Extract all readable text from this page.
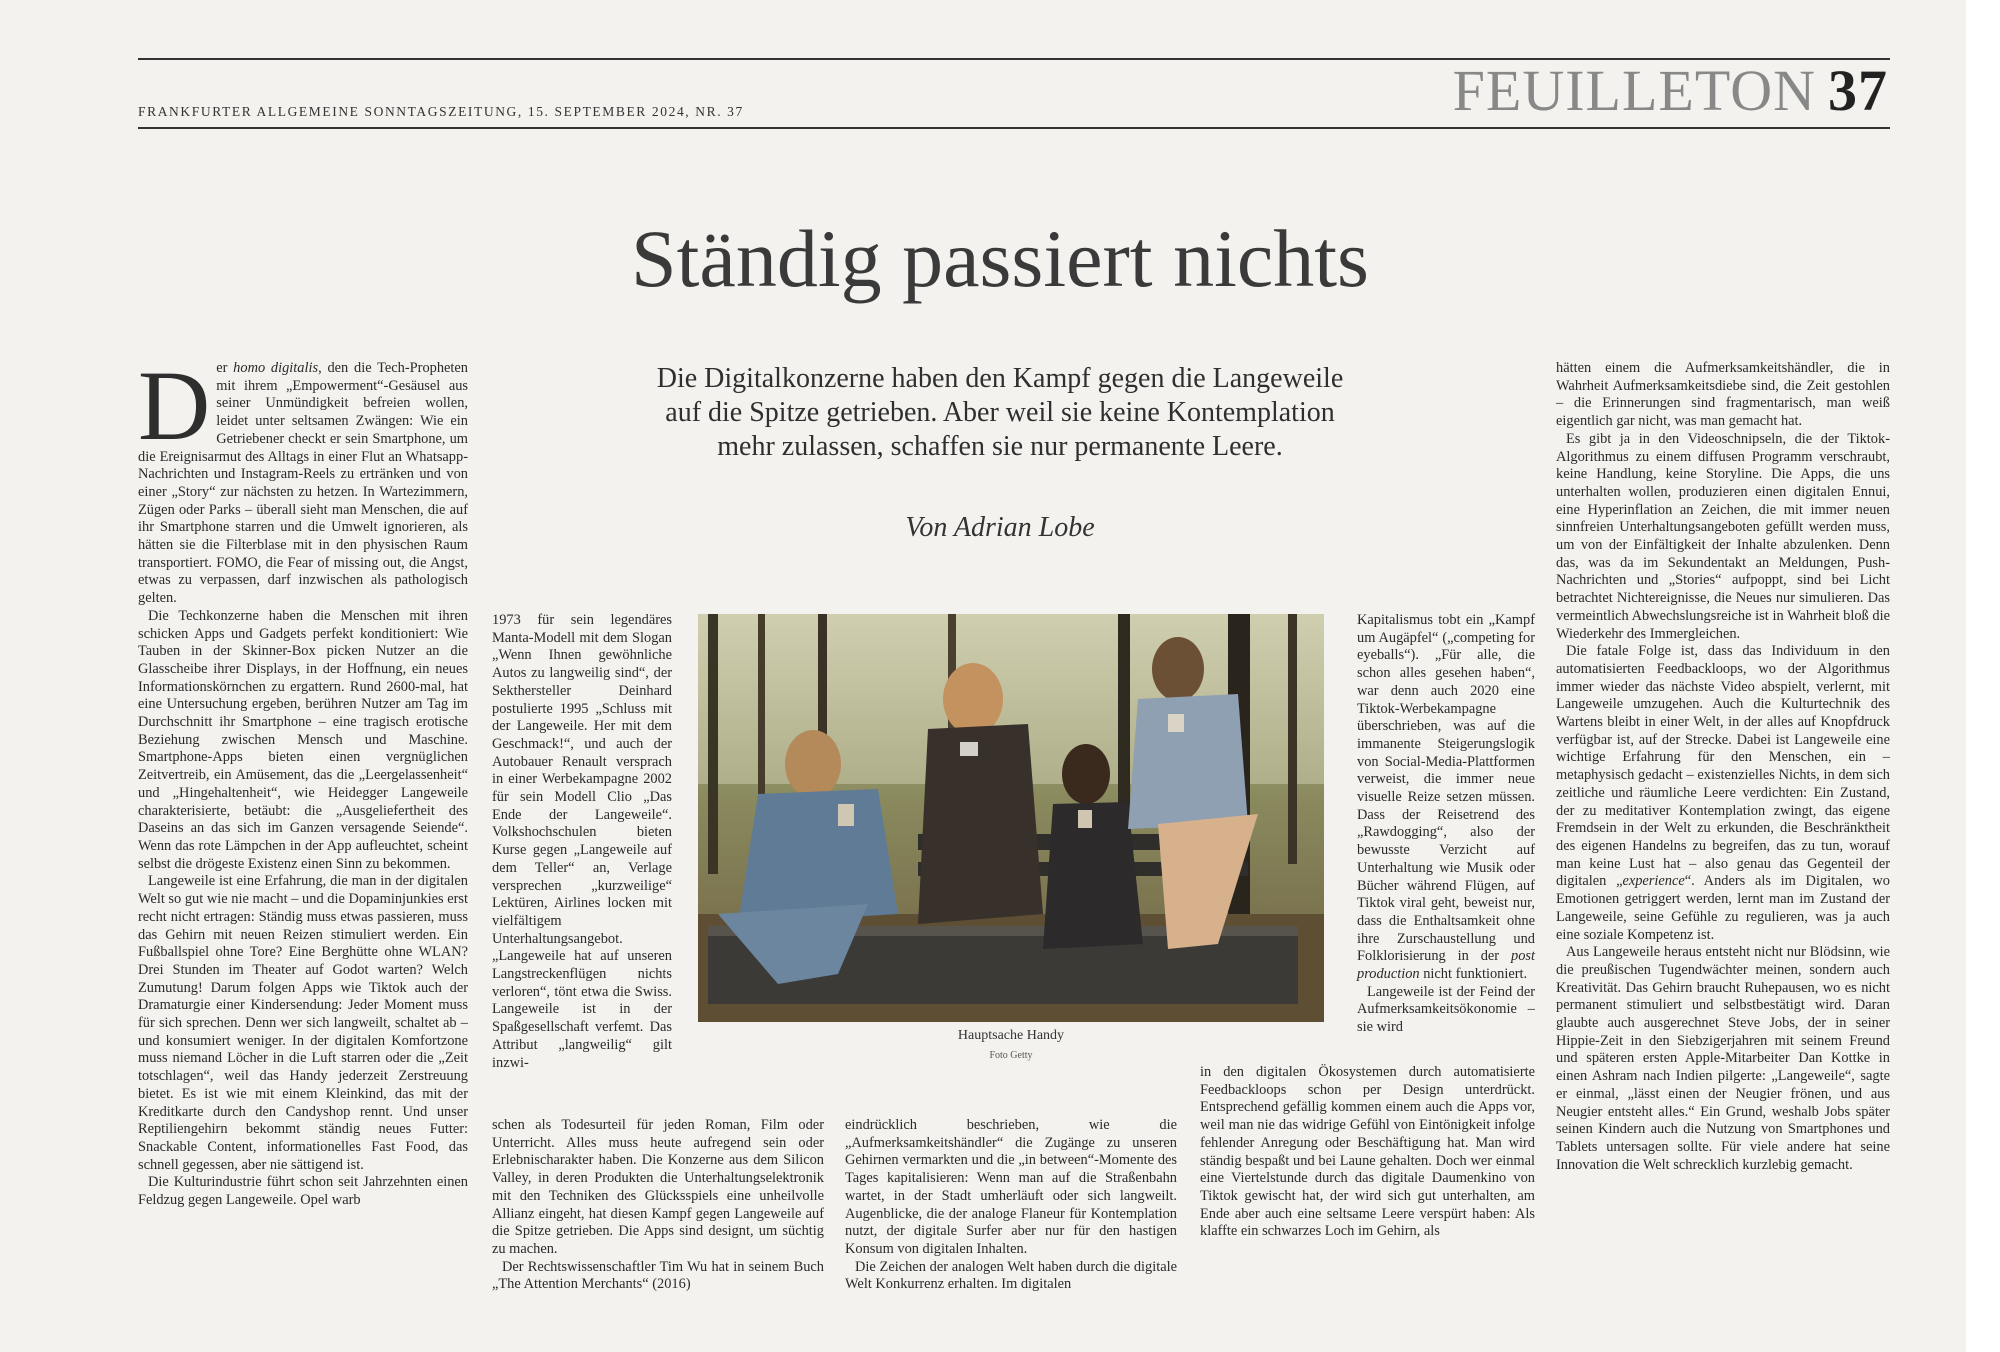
FRANKFURTER ALLGEMEINE SONNTAGSZEITUNG, 15. SEPTEMBER 2024, NR. 37	FEUILLETON 37
Ständig passiert nichts
Die Digitalkonzerne haben den Kampf gegen die Langeweile auf die Spitze getrieben. Aber weil sie keine Kontemplation mehr zulassen, schaffen sie nur permanente Leere.
Von Adrian Lobe

Der homo digitalis, den die Tech-Propheten mit ihrem „Empowerment“-Gesäusel aus seiner Unmündigkeit befreien wollen, leidet unter seltsamen Zwängen: Wie ein Getriebener checkt er sein Smartphone, um die Ereignisarmut des Alltags in einer Flut an Whatsapp-Nachrichten und Instagram-Reels zu ertränken und von einer „Story“ zur nächsten zu hetzen. In Wartezimmern, Zügen oder Parks – überall sieht man Menschen, die auf ihr Smartphone starren und die Umwelt ignorieren, als hätten sie die Filterblase mit in den physischen Raum transportiert. FOMO, die Fear of missing out, die Angst, etwas zu verpassen, darf inzwischen als pathologisch gelten.

Die Techkonzerne haben die Menschen mit ihren schicken Apps und Gadgets perfekt konditioniert: Wie Tauben in der Skinner-Box picken Nutzer an die Glasscheibe ihrer Displays, in der Hoffnung, ein neues Informationskörnchen zu ergattern. Rund 2600-mal, hat eine Untersuchung ergeben, berühren Nutzer am Tag im Durchschnitt ihr Smartphone – eine tragisch erotische Beziehung zwischen Mensch und Maschine. Smartphone-Apps bieten einen vergnüglichen Zeitvertreib, ein Amüsement, das die „Leergelassenheit“ und „Hingehaltenheit“, wie Heidegger Langeweile charakterisierte, betäubt: die „Ausgeliefertheit des Daseins an das sich im Ganzen versagende Seiende“. Wenn das rote Lämpchen in der App aufleuchtet, scheint selbst die drögeste Existenz einen Sinn zu bekommen.

Langeweile ist eine Erfahrung, die man in der digitalen Welt so gut wie nie macht – und die Dopaminjunkies erst recht nicht ertragen: Ständig muss etwas passieren, muss das Gehirn mit neuen Reizen stimuliert werden. Ein Fußballspiel ohne Tore? Eine Berghütte ohne WLAN? Drei Stunden im Theater auf Godot warten? Welch Zumutung! Darum folgen Apps wie Tiktok auch der Dramaturgie einer Kindersendung: Jeder Moment muss für sich sprechen. Denn wer sich langweilt, schaltet ab – und konsumiert weniger. In der digitalen Komfortzone muss niemand Löcher in die Luft starren oder die „Zeit totschlagen“, weil das Handy jederzeit Zerstreuung bietet. Es ist wie mit einem Kleinkind, das mit der Kreditkarte durch den Candyshop rennt. Und unser Reptiliengehirn bekommt ständig neues Futter: Snackable Content, informationelles Fast Food, das schnell gegessen, aber nie sättigend ist.

Die Kulturindustrie führt schon seit Jahrzehnten einen Feldzug gegen Langeweile. Opel warb

1973 für sein legendäres Manta-Modell mit dem Slogan „Wenn Ihnen gewöhnliche Autos zu langweilig sind“, der Sekthersteller Deinhard postulierte 1995 „Schluss mit der Langeweile. Her mit dem Geschmack!“, und auch der Autobauer Renault versprach in einer Werbekampagne 2002 für sein Modell Clio „Das Ende der Langeweile“. Volkshochschulen bieten Kurse gegen „Langeweile auf dem Teller“ an, Verlage versprechen „kurzweilige“ Lektüren, Airlines locken mit vielfältigem Unterhaltungsangebot. „Langeweile hat auf unseren Langstreckenflügen nichts verloren“, tönt etwa die Swiss. Langeweile ist in der Spaßgesellschaft verfemt. Das Attribut „langweilig“ gilt inzwi-

schen als Todesurteil für jeden Roman, Film oder Unterricht. Alles muss heute aufregend sein oder Erlebnischarakter haben. Die Konzerne aus dem Silicon Valley, in deren Produkten die Unterhaltungselektronik mit den Techniken des Glücksspiels eine unheilvolle Allianz eingeht, hat diesen Kampf gegen Langeweile auf die Spitze getrieben. Die Apps sind designt, um süchtig zu machen.

Der Rechtswissenschaftler Tim Wu hat in seinem Buch „The Attention Merchants“ (2016)

Hauptsache Handy
Foto Getty

eindrücklich beschrieben, wie die „Aufmerksamkeitshändler“ die Zugänge zu unseren Gehirnen vermarkten und die „in between“-Momente des Tages kapitalisieren: Wenn man auf die Straßenbahn wartet, in der Stadt umherläuft oder sich langweilt. Augenblicke, die der analoge Flaneur für Kontemplation nutzt, der digitale Surfer aber nur für den hastigen Konsum von digitalen Inhalten.

Die Zeichen der analogen Welt haben durch die digitale Welt Konkurrenz erhalten. Im digitalen

Kapitalismus tobt ein „Kampf um Augäpfel“ („competing for eyeballs“). „Für alle, die schon alles gesehen haben“, war denn auch 2020 eine Tiktok-Werbekampagne überschrieben, was auf die immanente Steigerungslogik von Social-Media-Plattformen verweist, die immer neue visuelle Reize setzen müssen. Dass der Reisetrend des „Rawdogging“, also der bewusste Verzicht auf Unterhaltung wie Musik oder Bücher während Flügen, auf Tiktok viral geht, beweist nur, dass die Enthaltsamkeit ohne ihre Zurschaustellung und Folklorisierung in der post production nicht funktioniert.

Langeweile ist der Feind der Aufmerksamkeitsökonomie – sie wird

in den digitalen Ökosystemen durch automatisierte Feedbackloops schon per Design unterdrückt. Entsprechend gefällig kommen einem auch die Apps vor, weil man nie das widrige Gefühl von Eintönigkeit infolge fehlender Anregung oder Beschäftigung hat. Man wird ständig bespaßt und bei Laune gehalten. Doch wer einmal eine Viertelstunde durch das digitale Daumenkino von Tiktok gewischt hat, der wird sich gut unterhalten, am Ende aber auch eine seltsame Leere verspürt haben: Als klaffte ein schwarzes Loch im Gehirn, als

hätten einem die Aufmerksamkeitshändler, die in Wahrheit Aufmerksamkeitsdiebe sind, die Zeit gestohlen – die Erinnerungen sind fragmentarisch, man weiß eigentlich gar nicht, was man gemacht hat.

Es gibt ja in den Videoschnipseln, die der Tiktok-Algorithmus zu einem diffusen Programm verschraubt, keine Handlung, keine Storyline. Die Apps, die uns unterhalten wollen, produzieren einen digitalen Ennui, eine Hyperinflation an Zeichen, die mit immer neuen sinnfreien Unterhaltungsangeboten gefüllt werden muss, um von der Einfältigkeit der Inhalte abzulenken. Denn das, was da im Sekundentakt an Meldungen, Push-Nachrichten und „Stories“ aufpoppt, sind bei Licht betrachtet Nichtereignisse, die Neues nur simulieren. Das vermeintlich Abwechslungsreiche ist in Wahrheit bloß die Wiederkehr des Immergleichen.

Die fatale Folge ist, dass das Individuum in den automatisierten Feedbackloops, wo der Algorithmus immer wieder das nächste Video abspielt, verlernt, mit Langeweile umzugehen. Auch die Kulturtechnik des Wartens bleibt in einer Welt, in der alles auf Knopfdruck verfügbar ist, auf der Strecke. Dabei ist Langeweile eine wichtige Erfahrung für den Menschen, ein – metaphysisch gedacht – existenzielles Nichts, in dem sich zeitliche und räumliche Leere verdichten: Ein Zustand, der zu meditativer Kontemplation zwingt, das eigene Fremdsein in der Welt zu erkunden, die Beschränktheit des eigenen Handelns zu begreifen, das zu tun, worauf man keine Lust hat – also genau das Gegenteil der digitalen „experience“. Anders als im Digitalen, wo Emotionen getriggert werden, lernt man im Zustand der Langeweile, seine Gefühle zu regulieren, was ja auch eine soziale Kompetenz ist.

Aus Langeweile heraus entsteht nicht nur Blödsinn, wie die preußischen Tugendwächter meinen, sondern auch Kreativität. Das Gehirn braucht Ruhepausen, wo es nicht permanent stimuliert und selbstbestätigt wird. Daran glaubte auch ausgerechnet Steve Jobs, der in seiner Hippie-Zeit in den Siebzigerjahren mit seinem Freund und späteren ersten Apple-Mitarbeiter Dan Kottke in einen Ashram nach Indien pilgerte: „Langeweile“, sagte er einmal, „lässt einen der Neugier frönen, und aus Neugier entsteht alles.“ Ein Grund, weshalb Jobs später seinen Kindern auch die Nutzung von Smartphones und Tablets untersagen sollte. Für viele andere hat seine Innovation die Welt schrecklich kurzlebig gemacht.
